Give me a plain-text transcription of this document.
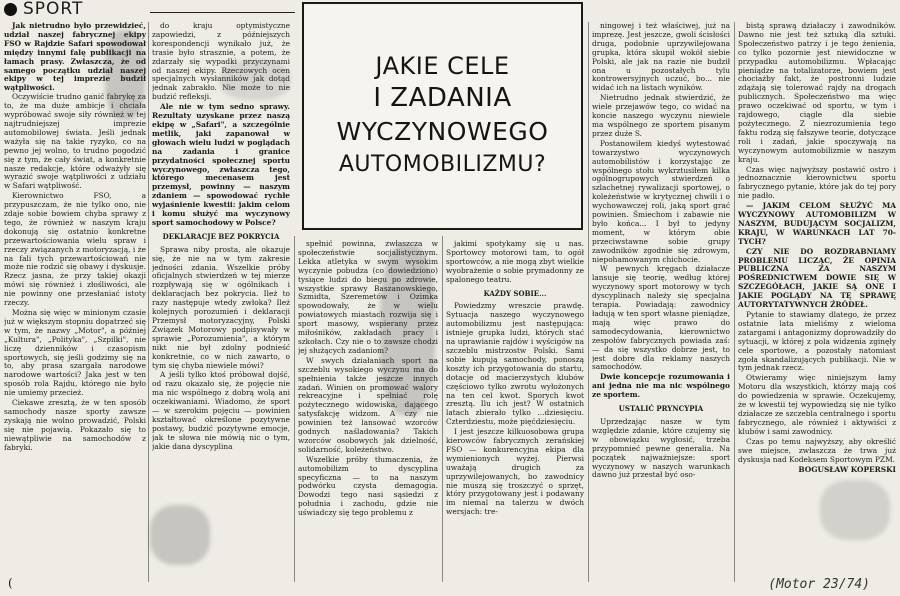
SPORT
JAKIE CELE
I ZADANIA
WYCZYNOWEGO
AUTOMOBILIZMU?

Jak nietrudno było przewidzieć, udział naszej fabrycznej ekipy FSO w Rajdzie Safari spowodował między innymi falę publikacji na łamach prasy. Zwłaszcza, że od samego początku udział naszej ekipy w tej imprezie budził wątpliwości.

Oczywiście trudno ganić fabrykę za to, że ma duże ambicje i chciała wypróbować swoje siły również w tej najtrudniejszej imprezie automobilowej świata. Jeśli jednak ważyła się na takie ryzyko, co na pewno jej wolno, to trudno pogodzić się z tym, że cały świat, a konkretnie nasze redakcje, które odważyły się wyrazić swoje wątpliwości z udziału w Safari wątpliwość.

Kierownictwo FSO, a przypuszczam, że nie tylko ono, nie zdaje sobie bowiem chyba sprawy z tego, że również w naszym kraju dokonują się ostatnio konkretne przewartościowania wielu spraw i rzeczy związanych z motoryzacją, i że na fali tych przewartościowań nie może nie rodzić się obawy i dyskusje. Rzecz jasna, że przy takiej okazji mówi się również i złośliwości, ale nie powinny one przesłaniać istoty rzeczy.

Można się więc w minionym czasie już w większym stopniu dopatrzeć się w tym, że nazwy „Motor", a później „Kultura", „Polityka", „Szpilki", nie liczę dzienników i czasopism sportowych, się jeśli godzimy się na to, aby prasa szargała narodowe narodowe wartości? Jaka jest w ten sposób rola Rajdu, którego nie było nie umiemy przecież.

Ciekawe zresztą, że w ten sposób samochody nasze sporty zawsze zyskają nie wolno prowadzić, Polski się nie pojawią. Pokazało się to niewątpliwie na samochodów z fabryki.

do kraju optymistyczne zapowiedzi, z późniejszych korespondencji wynikało już, że trasie było strasznie, a potem, że zdarzały się wypadki przyczynami od naszej ekipy. Rzeczowych ocen specjalnych wysłanników jak dotąd jednak zabrakło. Nie może to nie budzić refleksji.

Ale nie w tym sedno sprawy. Rezultaty uzyskane przez naszą ekipę w „Safari", a szczególnie metlik, jaki zapanował w głowach wielu ludzi w poglądach na zadania i granice przydatności społecznej sportu wyczynowego, zwłaszcza tego, którego mecenasem jest przemysł, powinny — naszym zdaniem — spowodować rychłe wyjaśnienie kwestii: jakim celom i komu służyć ma wyczynowy sport samochodowy w Polsce?

DEKLARACJE BEZ POKRYCIA

Sprawa niby prosta, ale okazuje się, że nie na w tym zakresie jedności zdania. Wszelkie próby oficjalnych stwierdzeń w tej mierze rozpływają się w ogólnikach i deklaracjach bez pokrycia. Ileż to razy następuje wtedy zwłoka? Ileż kolejnych porozumień i deklaracji Przemysł motoryzacyjny, Polski Związek Motorowy podpisywały w sprawie „Porozumienia", a którym nikt nie był zdolny podnieść konkretnie, co w nich zawarto, o tym się chyba niewiele mówi?

A jeśli tylko ktoś próbował dojść, od razu okazało się, że pojęcie nie ma nic wspólnego z dobrą wolą ani oczekiwaniami. Wiadomo, że sport — w szerokim pojęciu — powinien kształtować określone pozytywne postawy, budzić pozytywne emocje, jak te słowa nie mówią nic o tym, jakie dana dyscyplina

spełnić powinna, zwłaszcza w społeczeństwie socjalistycznym. Lekka atletyka w swym wysokim wyczynie pobudza (co dowiedziono) tysiące ludzi do biegu po zdrowie, wszystkie sprawy Baszanowskiego, Szmidta, Szeremetów i Ozimka spowodowały, że w wielu powiatowych miastach rozwija się i sport masowy, wspierany przez miłośników, zakładach pracy i szkołach. Czy nie o to zawsze chodzi jej służących zadaniom?

W swych działaniach sport na szczeblu wysokiego wyczynu ma do spełnienia także jeszcze innych zadań. Winien on promować walory rekreacyjne i spełniać rolę pożytecznego widowiska, dającego satysfakcję widzom. A czy nie powinien też lansować wzorców godnych naśladowania? Takich wzorców osobowych jak dzielność, solidarność, koleżeństwo.

Wszelkie próby tłumaczenia, że automobilizm to dyscyplina specyficzna — to na naszym podwórku czysta demagogia. Dowodzi tego nasi sąsiedzi z południa i zachodu, gdzie nie uświadczy się tego problemu z

jakimi spotykamy się u nas. Sportowcy motorowi tam, to ogół sportowców, a nie mogą zbyt wielkie wyobrażenie o sobie prymadonny ze spalonego teatru.

KAŻDY SOBIE...

Powiedzmy wreszcie prawdę. Sytuacja naszego wyczynowego automobilizmu jest następująca: istnieje grupka ludzi, których stać na uprawianie rajdów i wyścigów na szczeblu mistrzostw Polski. Sami sobie kupują samochody, ponoszą koszty ich przygotowania do startu, dotacje od macierzystych klubów częściowo tylko zwrotu wyłożonych na ten cel kwot. Sporych kwot zresztą. Ilu ich jest? W ostatnich latach zbierało tylko ...dziesięciu. Czterdziestu, może pięćdziesięciu.

I jest jeszcze kilkuosobowa grupa kierowców fabrycznych zerańskiej FSO — konkurencyjna ekipa dla wymienionych wyżej. Pierwsi uważają drugich za uprzywilejowanych, bo zawodnicy nie muszą się troszczyć o sprzęt, który przygotowany jest i podawany im niemal na talerzu w dwóch wersjach: tre-

ningowej i też właściwej, już na imprezę. Jest jeszcze, gwoli ścisłości druga, podobnie uprzywilejowana grupka, która skupił wokół siebie Polski, ale jak na razie nie budził ona u pozostałych tylu kontrowersyjnych uczuć, bo... nie widać ich na listach wyników.

Nietrudno jednak stwierdzić, że wiele przejawów tego, co widać na koncie naszego wyczynu niewiele ma wspólnego ze sportem pisanym przez duże S.

Postanowiłem kiedyś wytestować towarzystwo wyczynowych automobilistów i korzystając ze wspólnego stołu wykrztusiłem kilka ogólnogrupowych stwierdzeń o szlachetnej rywalizacji sportowej, o koleżeństwie w krytycznej chwili i o wychowawczej roli, jaką sport grać powinien. Śmiechom i zabawie nie było końca... I był to jedyny moment, w którym obie przeciwstawne sobie grupy zawodników zgodnie się zdrowym, niepohamowanym chichocie.

W pewnych kręgach działacze lansuje się teorię, według której wyczynowy sport motorowy w tych dyscyplinach należy się specjalna terapia. Powiadają: zawodnicy ładują w ten sport własne pieniądze, mają więc prawo do samodecydowania, kierownictwo zespołów fabrycznych powiada zaś: — da się wszystko dobrze jest, to jest dobre dla reklamy naszych samochodów.

Dwie koncepcje rozumowania i ani jedna nie ma nic wspólnego ze sportem.

USTALIĆ PRYNCYPIA

Uprzedzając nasze w tym względzie zdanie, które czujemy się w obowiązku wygłosić, trzeba przypomnieć pewne generalia. Na początek najważniejsze: sport wyczynowy w naszych warunkach dawno już przestał być oso-

bistą sprawą działaczy i zawodników. Dawno nie jest też sztuką dla sztuki. Społeczeństwo patrzy i je tego żenienia, co tylko pozornie jest niewidoczne w przypadku automobilizmu. Wpłacając pieniądze na totalizatorze, bowiem jest chociażby fakt, że postronni ludzie zdążają się tolerować rajdy na drogach publicznych. Społeczeństwo ma więc prawo oczekiwać od sportu, w tym i rajdowego, ciągle dla siebie pożytecznego. Z niezrozumienia tego faktu rodzą się fałszywe teorie, dotyczące roli i zadań, jakie spoczywają na wyczynowym automobilizmie w naszym kraju.

Czas więc najwyższy postawić ostro i jednoznacznie kierownictwu sportu fabrycznego pytanie, które jak do tej pory nie padło.

— JAKIM CELOM SŁUŻYĆ MA WYCZYNOWY AUTOMOBILIZM W NASZYM, BUDUJĄCYM SOCJALIZM, KRAJU, W WARUNKACH LAT 70-TYCH?

CZY NIE DO ROZDRABNIAMY PROBLEMU LICZĄC, ŻE OPINIA PUBLICZNA ZA NASZYM POŚREDNICTWEM DOWIE SIĘ W SZCZEGÓŁACH, JAKIE SĄ ONE I JAKIE POGLĄDY NA TĘ SPRAWĘ AUTORYTATYWNYCH ŹRÓDEŁ.

Pytanie to stawiamy dlatego, że przez ostatnie lata mieliśmy z wieloma zatargami i antagonizmy doprowadziły do sytuacji, w której z pola widzenia zginęły cele sportowe, a pozostały natomiast zgoła skandalizujących publikacji. Nie w tym jednak rzecz.

Otwieramy więc niniejszym łamy Motoru dla wszystkich, którzy mają coś do powiedzenia w sprawie. Oczekujemy, że w kwestii tej wypowiedzą się nie tylko działacze ze szczebla centralnego i sportu fabrycznego, ale również i aktywiści z klubów i sami zawodnicy.

Czas po temu najwyższy, aby określić swe miejsce, zwłaszcza że trwa już dyskusja nad Kodeksem Sportowym PZM.

BOGUSŁAW KOPERSKI

(	(Motor 23/74)
